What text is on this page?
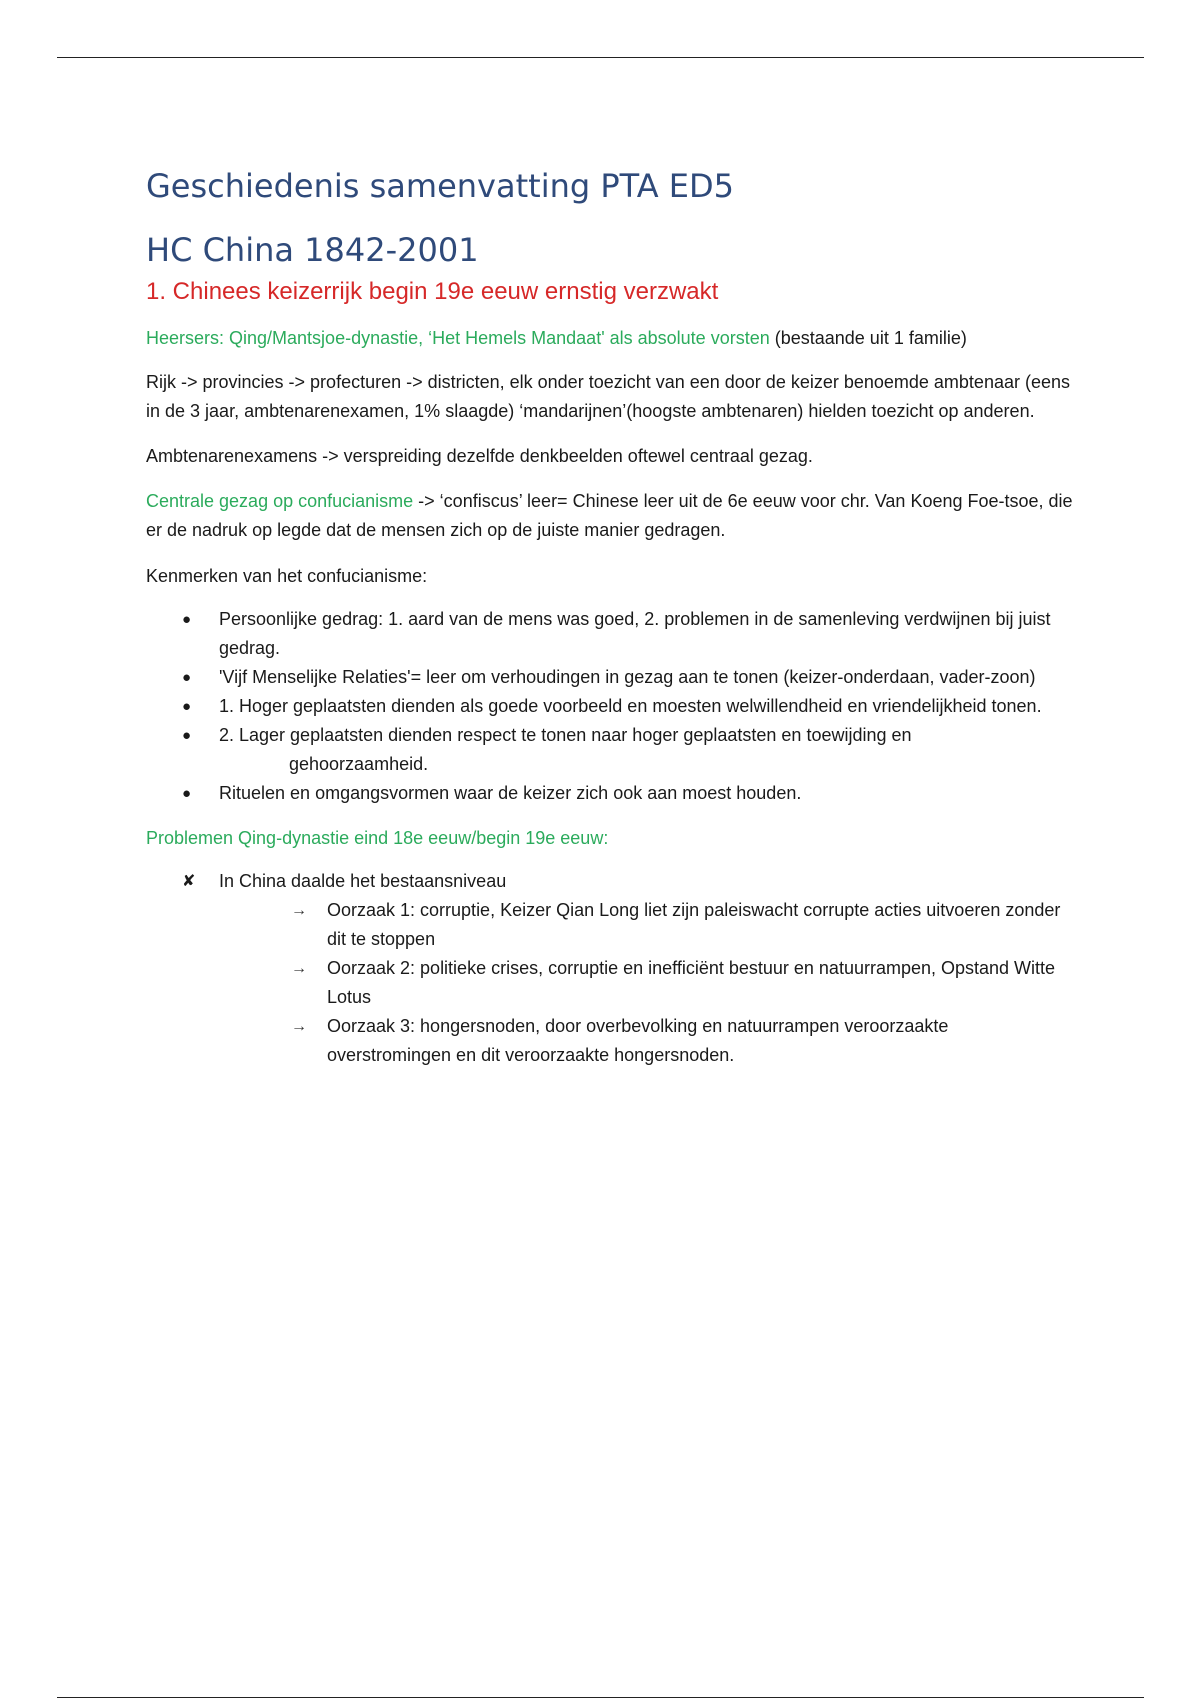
Geschiedenis samenvatting PTA ED5
HC China 1842-2001
1. Chinees keizerrijk begin 19e eeuw ernstig verzwakt

Heersers: Qing/Mantsjoe-dynastie, ‘Het Hemels Mandaat' als absolute vorsten (bestaande uit 1 familie)

Rijk -> provincies -> profecturen -> districten, elk onder toezicht van een door de keizer benoemde ambtenaar (eens in de 3 jaar, ambtenarenexamen, 1% slaagde) ‘mandarijnen’(hoogste ambtenaren) hielden toezicht op anderen.

Ambtenarenexamens -> verspreiding dezelfde denkbeelden oftewel centraal gezag.

Centrale gezag op confucianisme -> ‘confiscus’ leer= Chinese leer uit de 6e eeuw voor chr. Van Koeng Foe-tsoe, die er de nadruk op legde dat de mensen zich op de juiste manier gedragen.

Kenmerken van het confucianisme:

● Persoonlijke gedrag: 1. aard van de mens was goed, 2. problemen in de samenleving verdwijnen bij juist gedrag.
● 'Vijf Menselijke Relaties'= leer om verhoudingen in gezag aan te tonen (keizer-onderdaan, vader-zoon)
● 1. Hoger geplaatsten dienden als goede voorbeeld en moesten welwillendheid en vriendelijkheid tonen.
● 2. Lager geplaatsten dienden respect te tonen naar hoger geplaatsten en toewijding en
gehoorzaamheid.
● Rituelen en omgangsvormen waar de keizer zich ook aan moest houden.

Problemen Qing-dynastie eind 18e eeuw/begin 19e eeuw:

✘ In China daalde het bestaansniveau
→ Oorzaak 1: corruptie, Keizer Qian Long liet zijn paleiswacht corrupte acties uitvoeren zonder dit te stoppen
→ Oorzaak 2: politieke crises, corruptie en inefficiënt bestuur en natuurrampen, Opstand Witte Lotus
→ Oorzaak 3: hongersnoden, door overbevolking en natuurrampen veroorzaakte overstromingen en dit veroorzaakte hongersnoden.
